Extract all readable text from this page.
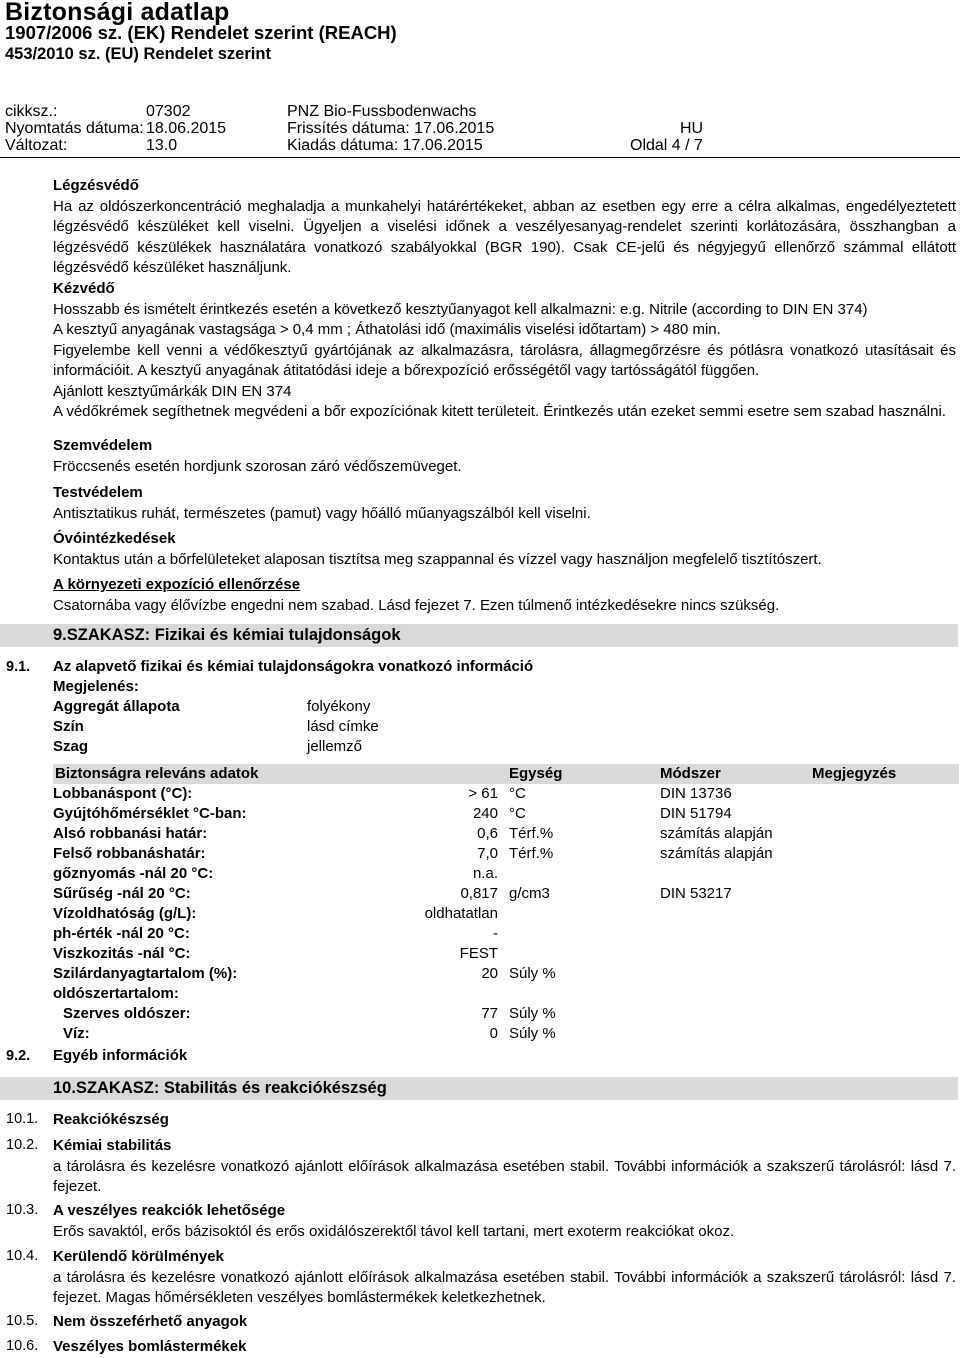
Biztonsági adatlap
1907/2006 sz. (EK) Rendelet szerint (REACH)
453/2010 sz. (EU) Rendelet szerint
cikksz.:	07302	PNZ Bio-Fussbodenwachs
Nyomtatás dátuma: 18.06.2015	Frissítés dátuma: 17.06.2015	HU
Változat:	13.0	Kiadás dátuma: 17.06.2015	Oldal 4 / 7
Légzésvédő
Ha az oldószerkoncentráció meghaladja a munkahelyi határértékeket, abban az esetben egy erre a célra alkalmas, engedélyeztetett légzésvédő készüléket kell viselni. Ügyeljen a viselési időnek a veszélyesanyag-rendelet szerinti korlátozására, összhangban a légzésvédő készülékek használatára vonatkozó szabályokkal (BGR 190). Csak CE-jelű és négyjegyű ellenőrző számmal ellátott légzésvédő készüléket használjunk.
Kézvédő
Hosszabb és ismételt érintkezés esetén a következő kesztyűanyagot kell alkalmazni: e.g. Nitrile (according to DIN EN 374)
A kesztyű anyagának vastagsága > 0,4 mm ; Áthatolási idő (maximális viselési időtartam) > 480 min.
Figyelembe kell venni a védőkesztyű gyártójának az alkalmazásra, tárolásra, állagmegőrzésre és pótlásra vonatkozó utasításait és információit. A kesztyű anyagának átitatódási ideje a bőrexpozíció erősségétől vagy tartósságától függően.
Ajánlott kesztyűmárkák DIN EN 374
A védőkrémek segíthetnek megvédeni a bőr expozíciónak kitett területeit. Érintkezés után ezeket semmi esetre sem szabad használni.
Szemvédelem
Fröccsenés esetén hordjunk szorosan záró védőszemüveget.
Testvédelem
Antisztatikus ruhát, természetes (pamut) vagy hőálló műanyagszálból kell viselni.
Óvóintézkedések
Kontaktus után a bőrfelületeket alaposan tisztítsa meg szappannal és vízzel vagy használjon megfelelő tisztítószert.
A környezeti expozíció ellenőrzése
Csatornába vagy élővízbe engedni nem szabad. Lásd fejezet 7. Ezen túlmenő intézkedésekre nincs szükség.
9.SZAKASZ: Fizikai és kémiai tulajdonságok
9.1. Az alapvető fizikai és kémiai tulajdonságokra vonatkozó információ
Megjelenés:
Aggregát állapota	folyékony
Szín	lásd címke
Szag	jellemző
Biztonságra releváns adatok	Egység	Módszer	Megjegyzés
Lobbanáspont (°C):	> 61 °C	DIN 13736
Gyújtóhőmérséklet °C-ban:	240 °C	DIN 51794
Alsó robbanási határ:	0,6 Térf.%	számítás alapján
Felső robbanáshatár:	7,0 Térf.%	számítás alapján
gőznyomás -nál 20 °C:	n.a.
Sűrűség -nál 20 °C:	0,817 g/cm3	DIN 53217
Vízoldhatóság (g/L):	oldhatatlan
ph-érték -nál 20 °C:	-
Viszkozitás -nál °C:	FEST
Szilárdanyagtartalom (%):	20 Súly %
oldószertartalom:
Szerves oldószer:	77 Súly %
Víz:	0 Súly %
9.2. Egyéb információk
10.SZAKASZ: Stabilitás és reakciókészség
10.1. Reakciókészség
10.2. Kémiai stabilitás
a tárolásra és kezelésre vonatkozó ajánlott előírások alkalmazása esetében stabil. További információk a szakszerű tárolásról: lásd 7. fejezet.
10.3. A veszélyes reakciók lehetősége
Erős savaktól, erős bázisoktól és erős oxidálószerektől távol kell tartani, mert exoterm reakciókat okoz.
10.4. Kerülendő körülmények
a tárolásra és kezelésre vonatkozó ajánlott előírások alkalmazása esetében stabil. További információk a szakszerű tárolásról: lásd 7. fejezet. Magas hőmérsékleten veszélyes bomlástermékek keletkezhetnek.
10.5. Nem összeférhető anyagok
10.6. Veszélyes bomlástermékek
